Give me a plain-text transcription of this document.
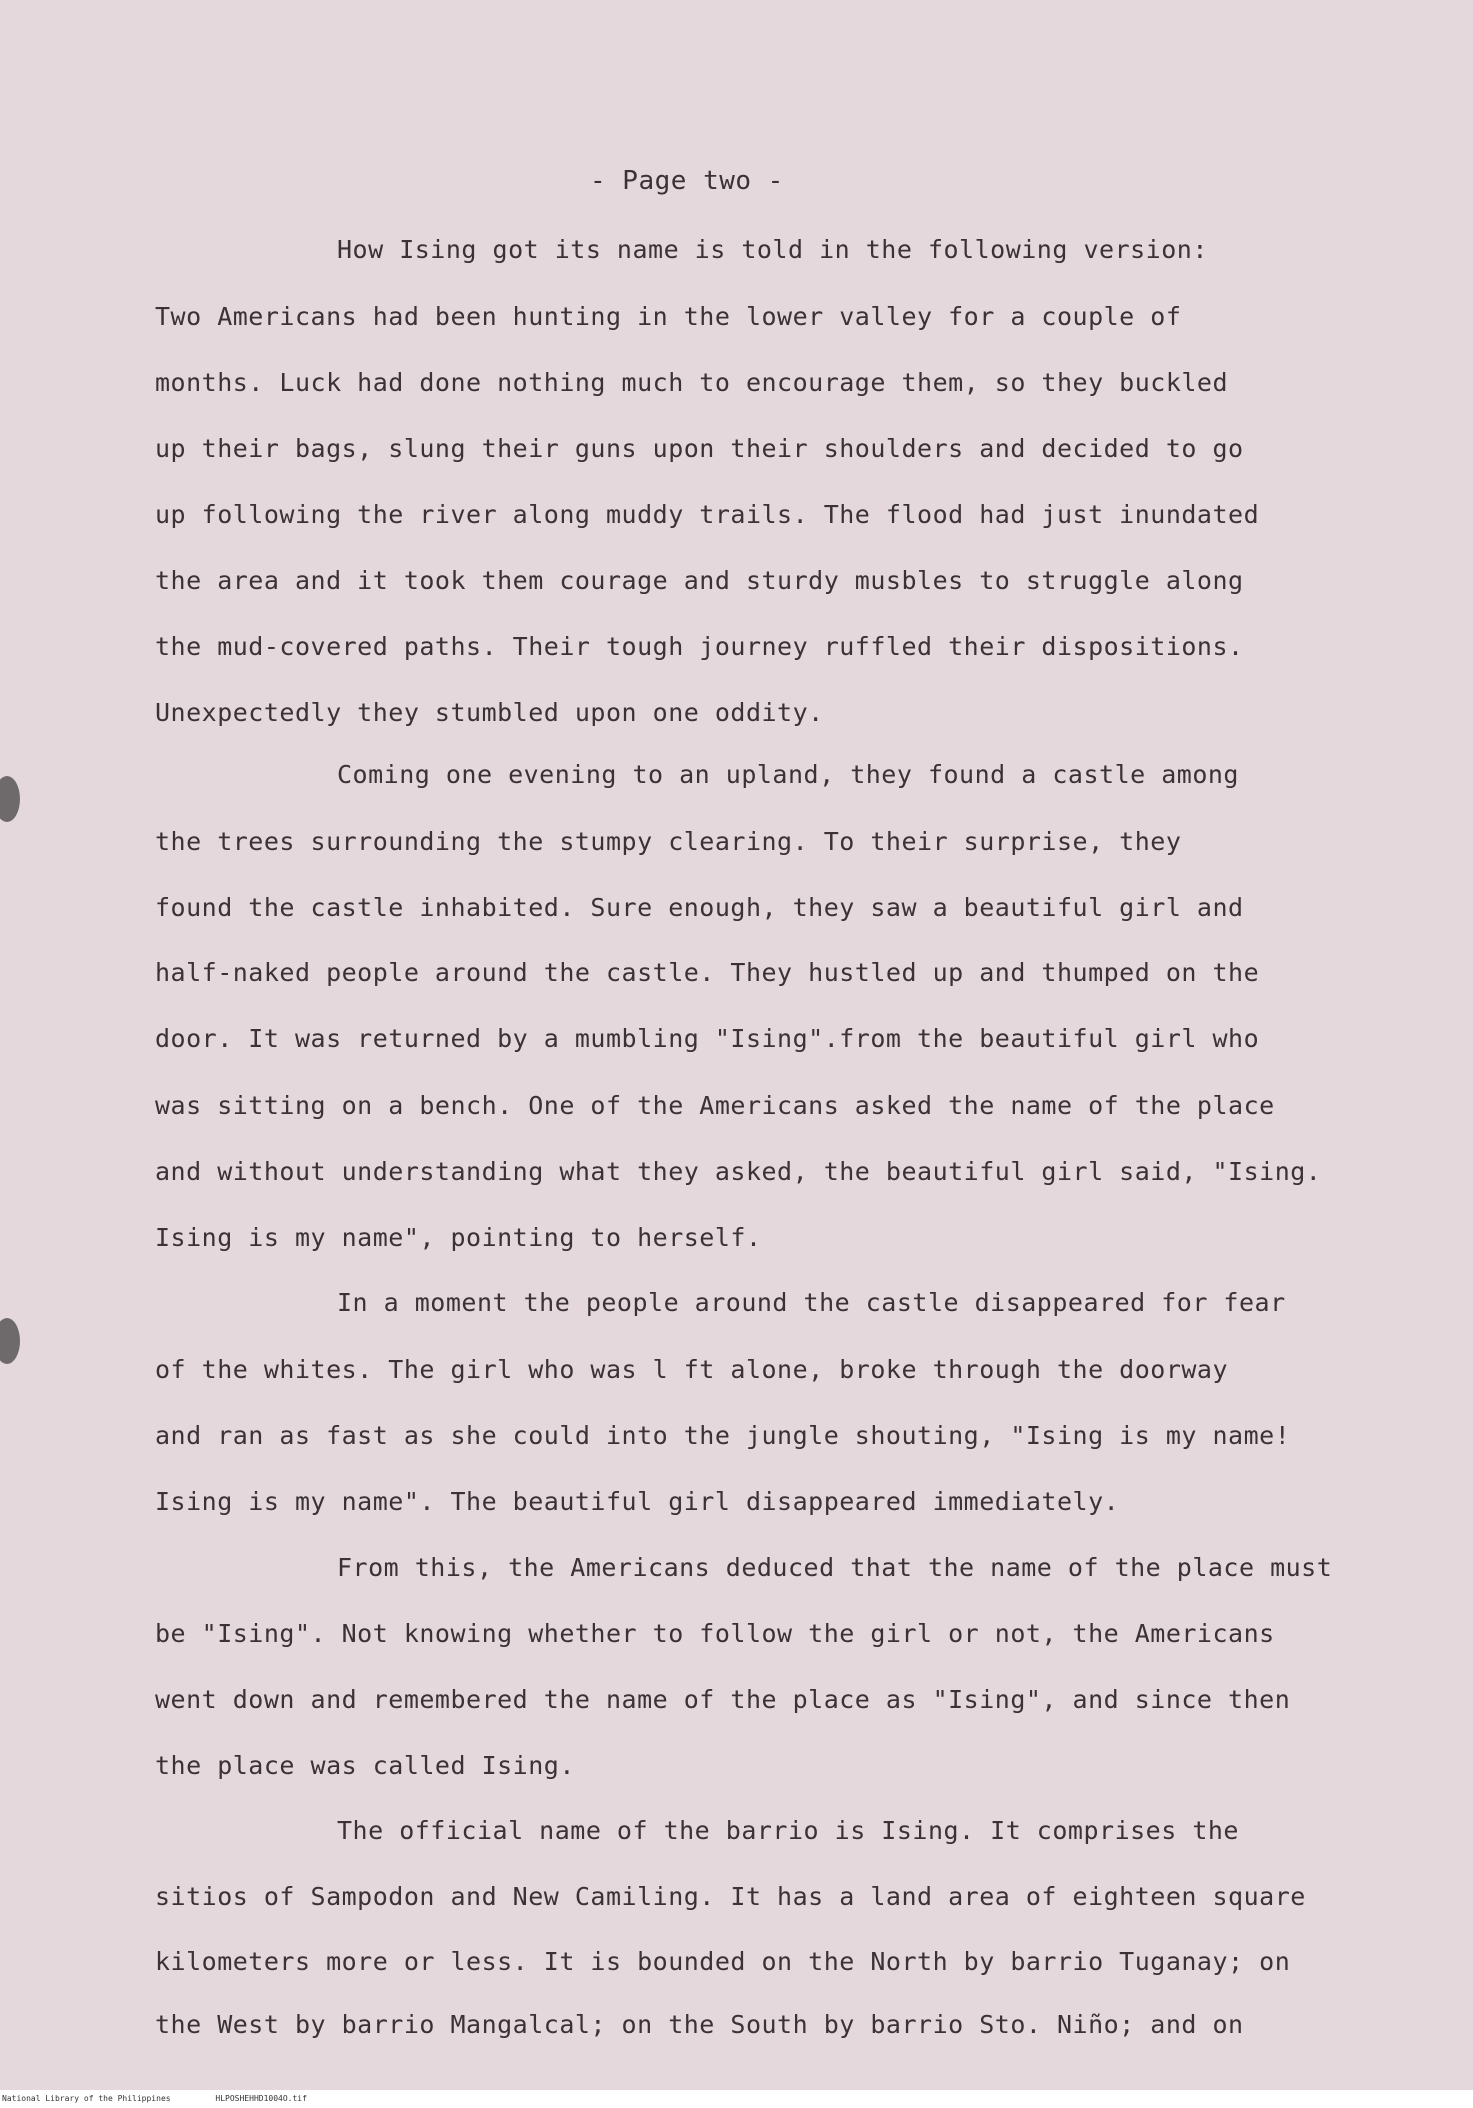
- Page two -
How Ising got its name is told in the following version:
Two Americans had been hunting in the lower valley for a couple of
months. Luck had done nothing much to encourage them, so they buckled
up their bags, slung their guns upon their shoulders and decided to go
up following the river along muddy trails. The flood had just inundated
the area and it took them courage and sturdy musbles to struggle along
the mud-covered paths. Their tough journey ruffled their dispositions.
Unexpectedly they stumbled upon one oddity.
Coming one evening to an upland, they found a castle among
the trees surrounding the stumpy clearing. To their surprise, they
found the castle inhabited. Sure enough, they saw a beautiful girl and
half-naked people around the castle. They hustled up and thumped on the
door. It was returned by a mumbling "Ising".from the beautiful girl who
was sitting on a bench. One of the Americans asked the name of the place
and without understanding what they asked, the beautiful girl said, "Ising.
Ising is my name", pointing to herself.
In a moment the people around the castle disappeared for fear
of the whites. The girl who was l ft alone, broke through the doorway
and ran as fast as she could into the jungle shouting, "Ising is my name!
Ising is my name". The beautiful girl disappeared immediately.
From this, the Americans deduced that the name of the place must
be "Ising". Not knowing whether to follow the girl or not, the Americans
went down and remembered the name of the place as "Ising", and since then
the place was called Ising.
The official name of the barrio is Ising. It comprises the
sitios of Sampodon and New Camiling. It has a land area of eighteen square
kilometers more or less. It is bounded on the North by barrio Tuganay; on
the West by barrio Mangalcal; on the South by barrio Sto. Niño; and on
National Library of the Philippines	HLPOSHEHHD1004O.tif
